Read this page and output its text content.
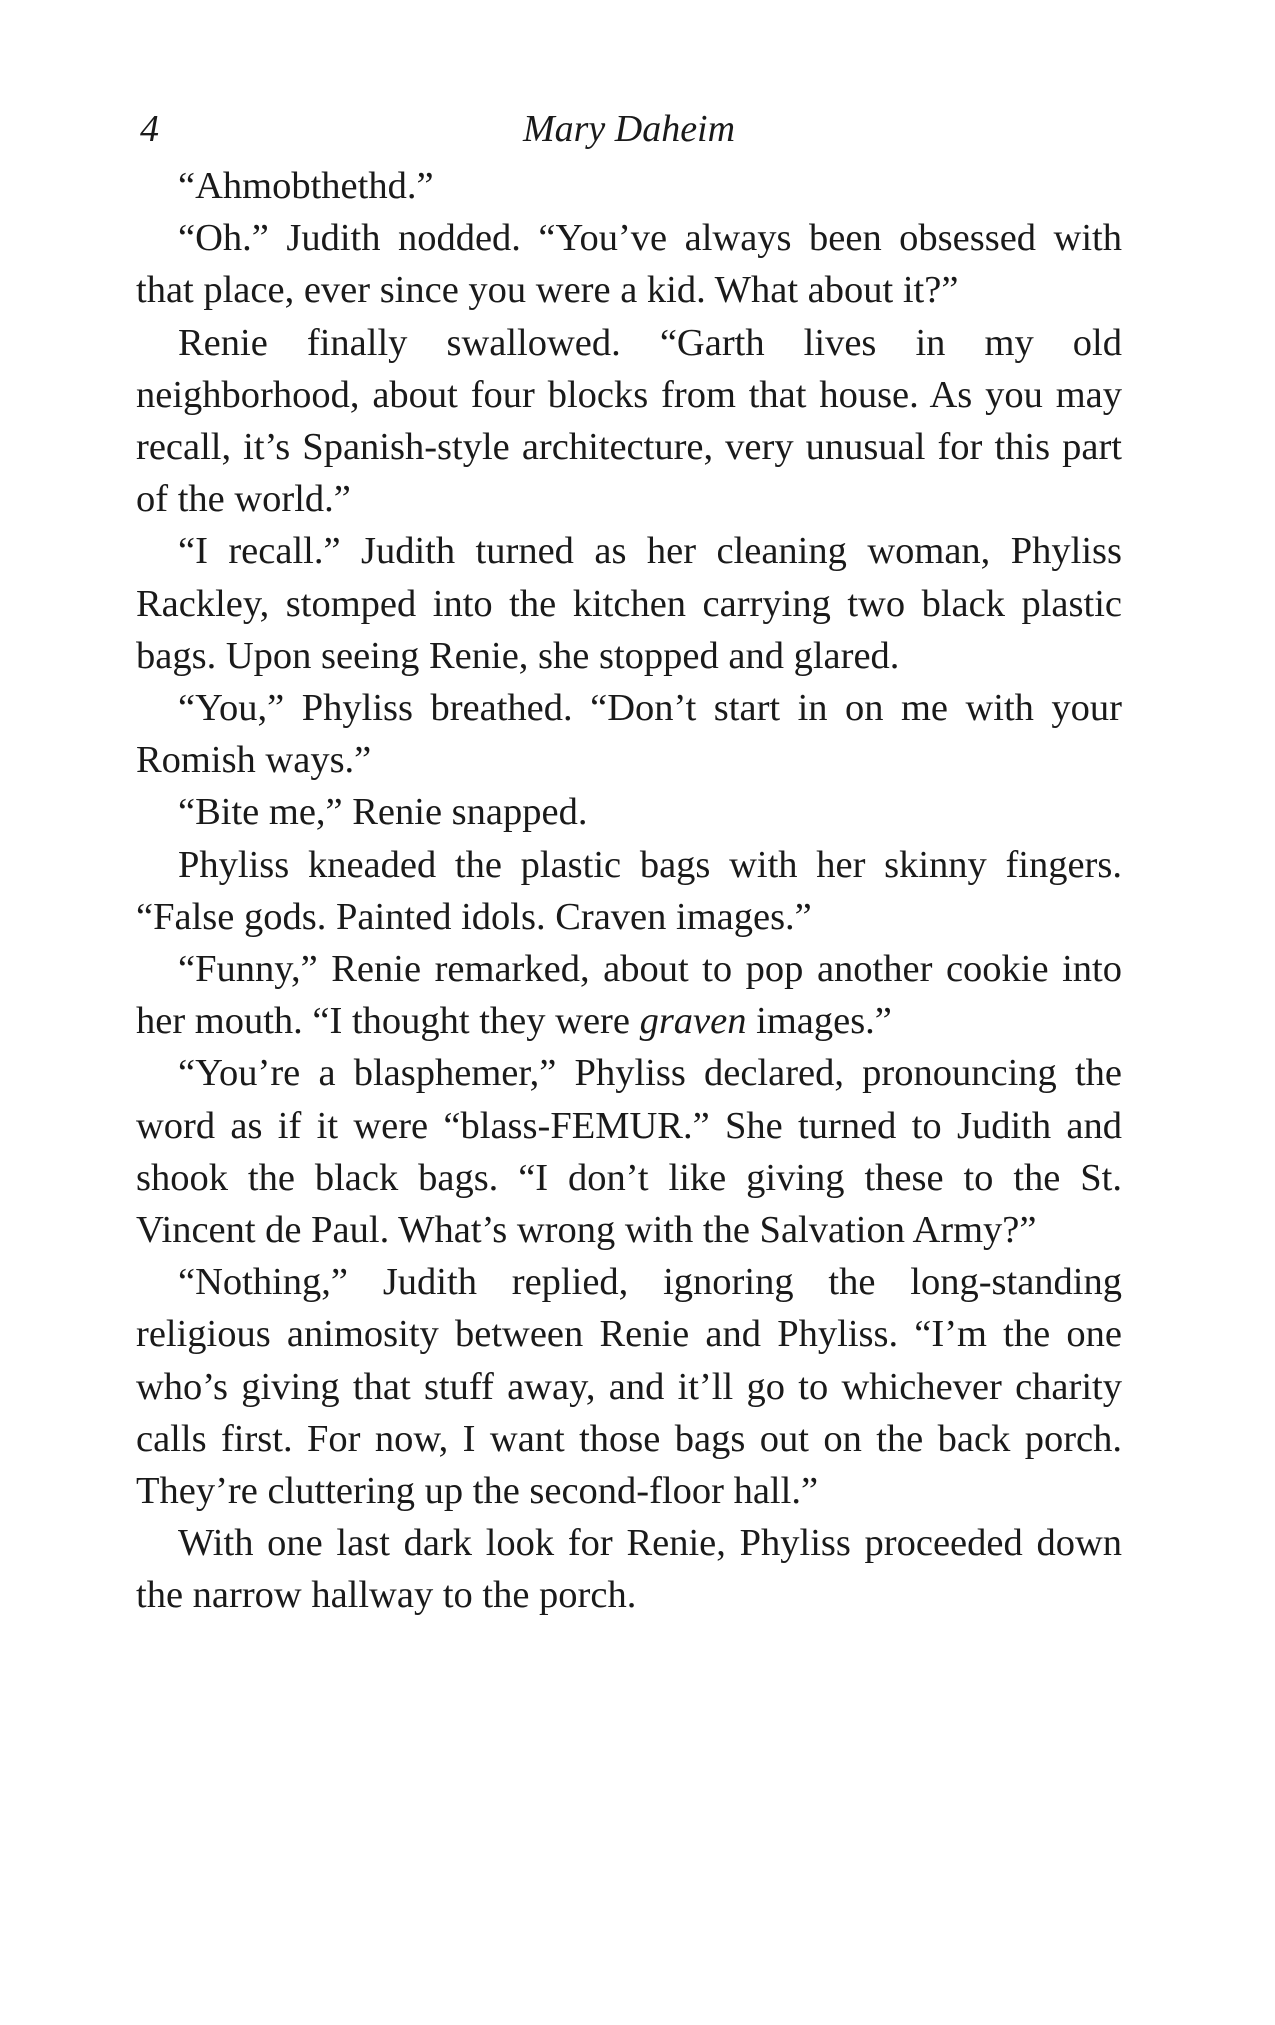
4	Mary Daheim

“Ahmobthethd.”

“Oh.” Judith nodded. “You’ve always been obsessed with that place, ever since you were a kid. What about it?”

Renie finally swallowed. “Garth lives in my old neighborhood, about four blocks from that house. As you may recall, it’s Spanish-style architecture, very unusual for this part of the world.”

“I recall.” Judith turned as her cleaning woman, Phyliss Rackley, stomped into the kitchen carrying two black plastic bags. Upon seeing Renie, she stopped and glared.

“You,” Phyliss breathed. “Don’t start in on me with your Romish ways.”

“Bite me,” Renie snapped.

Phyliss kneaded the plastic bags with her skinny fingers. “False gods. Painted idols. Craven images.”

“Funny,” Renie remarked, about to pop another cookie into her mouth. “I thought they were graven images.”

“You’re a blasphemer,” Phyliss declared, pronouncing the word as if it were “blass-FEMUR.” She turned to Judith and shook the black bags. “I don’t like giving these to the St. Vincent de Paul. What’s wrong with the Salvation Army?”

“Nothing,” Judith replied, ignoring the long-standing religious animosity between Renie and Phyliss. “I’m the one who’s giving that stuff away, and it’ll go to whichever charity calls first. For now, I want those bags out on the back porch. They’re cluttering up the second-floor hall.”

With one last dark look for Renie, Phyliss proceeded down the narrow hallway to the porch.
